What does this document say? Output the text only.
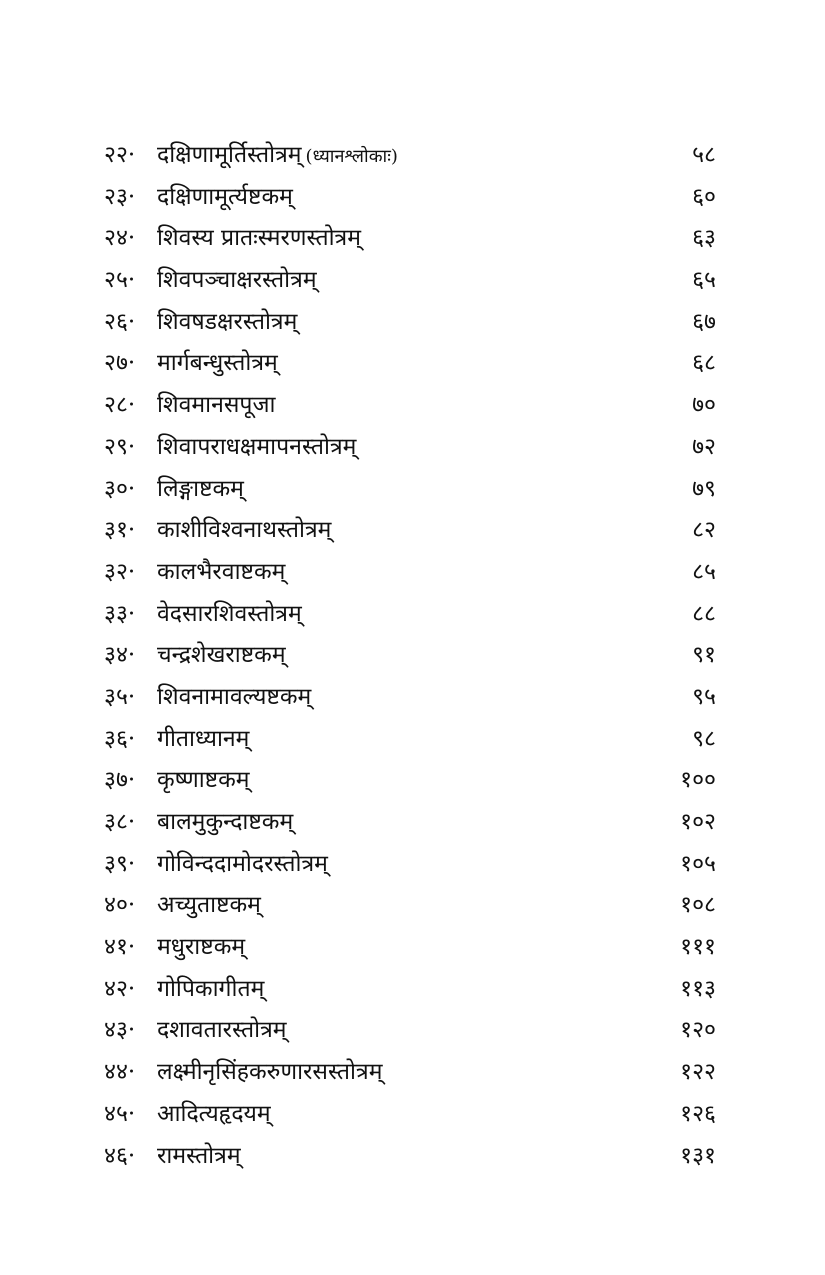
२२· दक्षिणामूर्तिस्तोत्रम् (ध्यानश्लोकाः)	५८
२३· दक्षिणामूर्त्यष्टकम्	६०
२४· शिवस्य प्रातःस्मरणस्तोत्रम्	६३
२५· शिवपञ्चाक्षरस्तोत्रम्	६५
२६· शिवषडक्षरस्तोत्रम्	६७
२७· मार्गबन्धुस्तोत्रम्	६८
२८· शिवमानसपूजा	७०
२९· शिवापराधक्षमापनस्तोत्रम्	७२
३०· लिङ्गाष्टकम्	७९
३१· काशीविश्वनाथस्तोत्रम्	८२
३२· कालभैरवाष्टकम्	८५
३३· वेदसारशिवस्तोत्रम्	८८
३४· चन्द्रशेखराष्टकम्	९१
३५· शिवनामावल्यष्टकम्	९५
३६· गीताध्यानम्	९८
३७· कृष्णाष्टकम्	१००
३८· बालमुकुन्दाष्टकम्	१०२
३९· गोविन्ददामोदरस्तोत्रम्	१०५
४०· अच्युताष्टकम्	१०८
४१· मधुराष्टकम्	१११
४२· गोपिकागीतम्	११३
४३· दशावतारस्तोत्रम्	१२०
४४· लक्ष्मीनृसिंहकरुणारसस्तोत्रम्	१२२
४५· आदित्यहृदयम्	१२६
४६· रामस्तोत्रम्	१३१
